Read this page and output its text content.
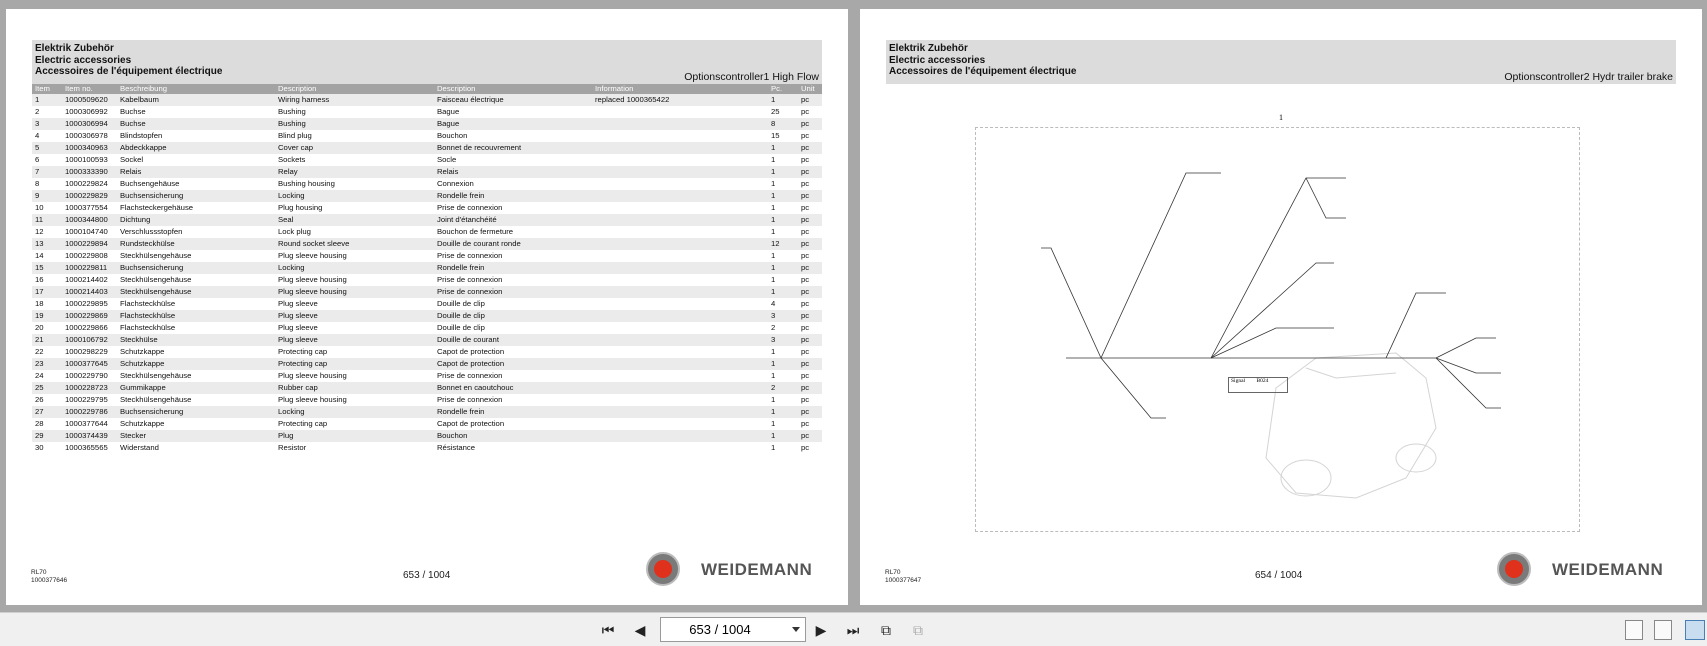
Elektrik Zubehör
Electric accessories
Accessoires de l'équipement électrique	Optionscontroller1 High Flow
Item	Item no.	Beschreibung	Description	Description	Information	Pc.	Unit
1	1000509620	Kabelbaum	Wiring harness	Faisceau électrique	replaced 1000365422	1	pc
2	1000306992	Buchse	Bushing	Bague		25	pc
3	1000306994	Buchse	Bushing	Bague		8	pc
4	1000306978	Blindstopfen	Blind plug	Bouchon		15	pc
5	1000340963	Abdeckkappe	Cover cap	Bonnet de recouvrement		1	pc
6	1000100593	Sockel	Sockets	Socle		1	pc
7	1000333390	Relais	Relay	Relais		1	pc
8	1000229824	Buchsengehäuse	Bushing housing	Connexion		1	pc
9	1000229829	Buchsensicherung	Locking	Rondelle frein		1	pc
10	1000377554	Flachsteckergehäuse	Plug housing	Prise de connexion		1	pc
11	1000344800	Dichtung	Seal	Joint d'étanchéité		1	pc
12	1000104740	Verschlussstopfen	Lock plug	Bouchon de fermeture		1	pc
13	1000229894	Rundsteckhülse	Round socket sleeve	Douille de courant ronde		12	pc
14	1000229808	Steckhülsengehäuse	Plug sleeve housing	Prise de connexion		1	pc
15	1000229811	Buchsensicherung	Locking	Rondelle frein		1	pc
16	1000214402	Steckhülsengehäuse	Plug sleeve housing	Prise de connexion		1	pc
17	1000214403	Steckhülsengehäuse	Plug sleeve housing	Prise de connexion		1	pc
18	1000229895	Flachsteckhülse	Plug sleeve	Douille de clip		4	pc
19	1000229869	Flachsteckhülse	Plug sleeve	Douille de clip		3	pc
20	1000229866	Flachsteckhülse	Plug sleeve	Douille de clip		2	pc
21	1000106792	Steckhülse	Plug sleeve	Douille de courant		3	pc
22	1000298229	Schutzkappe	Protecting cap	Capot de protection		1	pc
23	1000377645	Schutzkappe	Protecting cap	Capot de protection		1	pc
24	1000229790	Steckhülsengehäuse	Plug sleeve housing	Prise de connexion		1	pc
25	1000228723	Gummikappe	Rubber cap	Bonnet en caoutchouc		2	pc
26	1000229795	Steckhülsengehäuse	Plug sleeve housing	Prise de connexion		1	pc
27	1000229786	Buchsensicherung	Locking	Rondelle frein		1	pc
28	1000377644	Schutzkappe	Protecting cap	Capot de protection		1	pc
29	1000374439	Stecker	Plug	Bouchon		1	pc
30	1000365565	Widerstand	Resistor	Résistance		1	pc
RL70
1000377646	653 / 1004	WEIDEMANN
Elektrik Zubehör
Electric accessories
Accessoires de l'équipement électrique	Optionscontroller2 Hydr trailer brake
1
Signal B024
RL70
1000377647	654 / 1004	WEIDEMANN
⏮	◀
653 / 1004	▶	⏭	⧉	⧉
